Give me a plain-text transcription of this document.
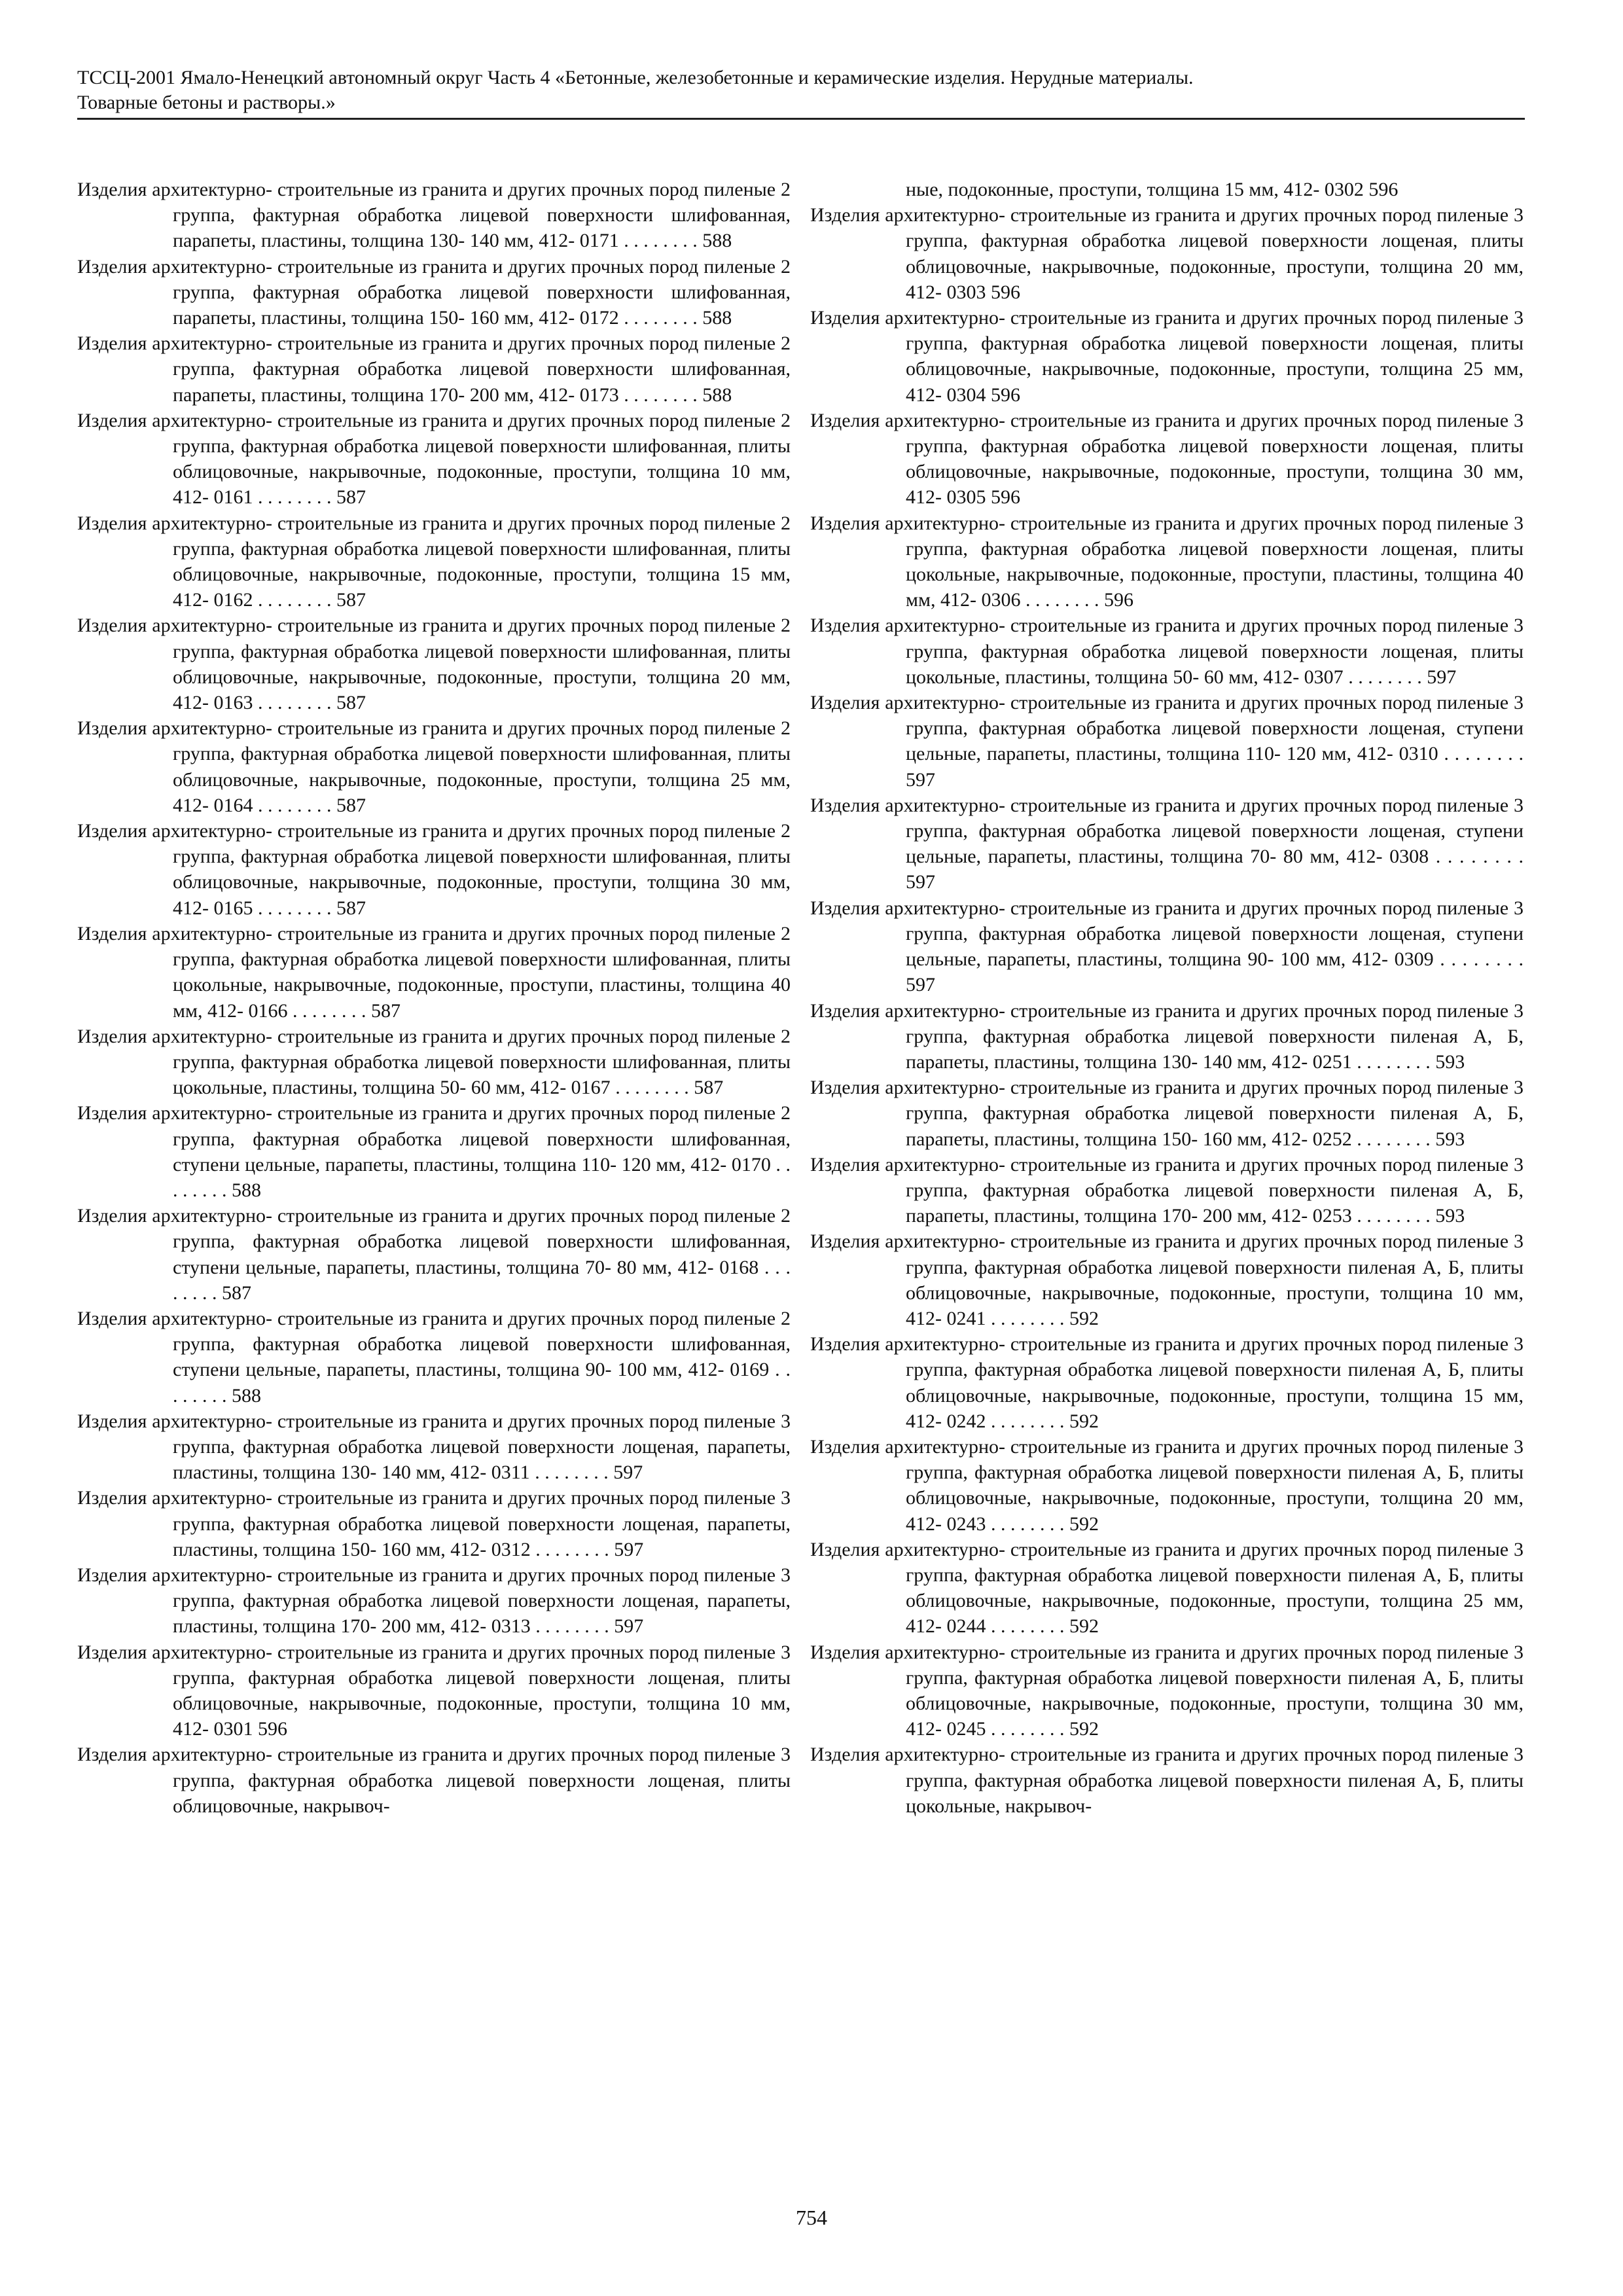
ТССЦ-2001 Ямало-Ненецкий автономный округ Часть 4 «Бетонные, железобетонные и керамические изделия. Нерудные материалы.
Товарные бетоны и растворы.»

Изделия архитектурно- строительные из гранита и других прочных пород пиленые 2 группа, фактурная обработка лицевой поверхности шлифованная, парапеты, пластины, толщина 130- 140 мм, 412- 0171 . . . . . . . . 588

Изделия архитектурно- строительные из гранита и других прочных пород пиленые 2 группа, фактурная обработка лицевой поверхности шлифованная, парапеты, пластины, толщина 150- 160 мм, 412- 0172 . . . . . . . . 588

Изделия архитектурно- строительные из гранита и других прочных пород пиленые 2 группа, фактурная обработка лицевой поверхности шлифованная, парапеты, пластины, толщина 170- 200 мм, 412- 0173 . . . . . . . . 588

Изделия архитектурно- строительные из гранита и других прочных пород пиленые 2 группа, фактурная обработка лицевой поверхности шлифованная, плиты облицовочные, накрывочные, подоконные, проступи, толщина 10 мм, 412- 0161 . . . . . . . . 587

Изделия архитектурно- строительные из гранита и других прочных пород пиленые 2 группа, фактурная обработка лицевой поверхности шлифованная, плиты облицовочные, накрывочные, подоконные, проступи, толщина 15 мм, 412- 0162 . . . . . . . . 587

Изделия архитектурно- строительные из гранита и других прочных пород пиленые 2 группа, фактурная обработка лицевой поверхности шлифованная, плиты облицовочные, накрывочные, подоконные, проступи, толщина 20 мм, 412- 0163 . . . . . . . . 587

Изделия архитектурно- строительные из гранита и других прочных пород пиленые 2 группа, фактурная обработка лицевой поверхности шлифованная, плиты облицовочные, накрывочные, подоконные, проступи, толщина 25 мм, 412- 0164 . . . . . . . . 587

Изделия архитектурно- строительные из гранита и других прочных пород пиленые 2 группа, фактурная обработка лицевой поверхности шлифованная, плиты облицовочные, накрывочные, подоконные, проступи, толщина 30 мм, 412- 0165 . . . . . . . . 587

Изделия архитектурно- строительные из гранита и других прочных пород пиленые 2 группа, фактурная обработка лицевой поверхности шлифованная, плиты цокольные, накрывочные, подоконные, проступи, пластины, толщина 40 мм, 412- 0166 . . . . . . . . 587

Изделия архитектурно- строительные из гранита и других прочных пород пиленые 2 группа, фактурная обработка лицевой поверхности шлифованная, плиты цокольные, пластины, толщина 50- 60 мм, 412- 0167 . . . . . . . . 587

Изделия архитектурно- строительные из гранита и других прочных пород пиленые 2 группа, фактурная обработка лицевой поверхности шлифованная, ступени цельные, парапеты, пластины, толщина 110- 120 мм, 412- 0170 . . . . . . . . 588

Изделия архитектурно- строительные из гранита и других прочных пород пиленые 2 группа, фактурная обработка лицевой поверхности шлифованная, ступени цельные, парапеты, пластины, толщина 70- 80 мм, 412- 0168 . . . . . . . . 587

Изделия архитектурно- строительные из гранита и других прочных пород пиленые 2 группа, фактурная обработка лицевой поверхности шлифованная, ступени цельные, парапеты, пластины, толщина 90- 100 мм, 412- 0169 . . . . . . . . 588

Изделия архитектурно- строительные из гранита и других прочных пород пиленые 3 группа, фактурная обработка лицевой поверхности лощеная, парапеты, пластины, толщина 130- 140 мм, 412- 0311 . . . . . . . . 597

Изделия архитектурно- строительные из гранита и других прочных пород пиленые 3 группа, фактурная обработка лицевой поверхности лощеная, парапеты, пластины, толщина 150- 160 мм, 412- 0312 . . . . . . . . 597

Изделия архитектурно- строительные из гранита и других прочных пород пиленые 3 группа, фактурная обработка лицевой поверхности лощеная, парапеты, пластины, толщина 170- 200 мм, 412- 0313 . . . . . . . . 597

Изделия архитектурно- строительные из гранита и других прочных пород пиленые 3 группа, фактурная обработка лицевой поверхности лощеная, плиты облицовочные, накрывочные, подоконные, проступи, толщина 10 мм, 412- 0301 596

Изделия архитектурно- строительные из гранита и других прочных пород пиленые 3 группа, фактурная обработка лицевой поверхности лощеная, плиты облицовочные, накрывоч-

ные, подоконные, проступи, толщина 15 мм, 412- 0302 596

Изделия архитектурно- строительные из гранита и других прочных пород пиленые 3 группа, фактурная обработка лицевой поверхности лощеная, плиты облицовочные, накрывочные, подоконные, проступи, толщина 20 мм, 412- 0303 596

Изделия архитектурно- строительные из гранита и других прочных пород пиленые 3 группа, фактурная обработка лицевой поверхности лощеная, плиты облицовочные, накрывочные, подоконные, проступи, толщина 25 мм, 412- 0304 596

Изделия архитектурно- строительные из гранита и других прочных пород пиленые 3 группа, фактурная обработка лицевой поверхности лощеная, плиты облицовочные, накрывочные, подоконные, проступи, толщина 30 мм, 412- 0305 596

Изделия архитектурно- строительные из гранита и других прочных пород пиленые 3 группа, фактурная обработка лицевой поверхности лощеная, плиты цокольные, накрывочные, подоконные, проступи, пластины, толщина 40 мм, 412- 0306 . . . . . . . . 596

Изделия архитектурно- строительные из гранита и других прочных пород пиленые 3 группа, фактурная обработка лицевой поверхности лощеная, плиты цокольные, пластины, толщина 50- 60 мм, 412- 0307 . . . . . . . . 597

Изделия архитектурно- строительные из гранита и других прочных пород пиленые 3 группа, фактурная обработка лицевой поверхности лощеная, ступени цельные, парапеты, пластины, толщина 110- 120 мм, 412- 0310 . . . . . . . . 597

Изделия архитектурно- строительные из гранита и других прочных пород пиленые 3 группа, фактурная обработка лицевой поверхности лощеная, ступени цельные, парапеты, пластины, толщина 70- 80 мм, 412- 0308 . . . . . . . . 597

Изделия архитектурно- строительные из гранита и других прочных пород пиленые 3 группа, фактурная обработка лицевой поверхности лощеная, ступени цельные, парапеты, пластины, толщина 90- 100 мм, 412- 0309 . . . . . . . . 597

Изделия архитектурно- строительные из гранита и других прочных пород пиленые 3 группа, фактурная обработка лицевой поверхности пиленая А, Б, парапеты, пластины, толщина 130- 140 мм, 412- 0251 . . . . . . . . 593

Изделия архитектурно- строительные из гранита и других прочных пород пиленые 3 группа, фактурная обработка лицевой поверхности пиленая А, Б, парапеты, пластины, толщина 150- 160 мм, 412- 0252 . . . . . . . . 593

Изделия архитектурно- строительные из гранита и других прочных пород пиленые 3 группа, фактурная обработка лицевой поверхности пиленая А, Б, парапеты, пластины, толщина 170- 200 мм, 412- 0253 . . . . . . . . 593

Изделия архитектурно- строительные из гранита и других прочных пород пиленые 3 группа, фактурная обработка лицевой поверхности пиленая А, Б, плиты облицовочные, накрывочные, подоконные, проступи, толщина 10 мм, 412- 0241 . . . . . . . . 592

Изделия архитектурно- строительные из гранита и других прочных пород пиленые 3 группа, фактурная обработка лицевой поверхности пиленая А, Б, плиты облицовочные, накрывочные, подоконные, проступи, толщина 15 мм, 412- 0242 . . . . . . . . 592

Изделия архитектурно- строительные из гранита и других прочных пород пиленые 3 группа, фактурная обработка лицевой поверхности пиленая А, Б, плиты облицовочные, накрывочные, подоконные, проступи, толщина 20 мм, 412- 0243 . . . . . . . . 592

Изделия архитектурно- строительные из гранита и других прочных пород пиленые 3 группа, фактурная обработка лицевой поверхности пиленая А, Б, плиты облицовочные, накрывочные, подоконные, проступи, толщина 25 мм, 412- 0244 . . . . . . . . 592

Изделия архитектурно- строительные из гранита и других прочных пород пиленые 3 группа, фактурная обработка лицевой поверхности пиленая А, Б, плиты облицовочные, накрывочные, подоконные, проступи, толщина 30 мм, 412- 0245 . . . . . . . . 592

Изделия архитектурно- строительные из гранита и других прочных пород пиленые 3 группа, фактурная обработка лицевой поверхности пиленая А, Б, плиты цокольные, накрывоч-

754
